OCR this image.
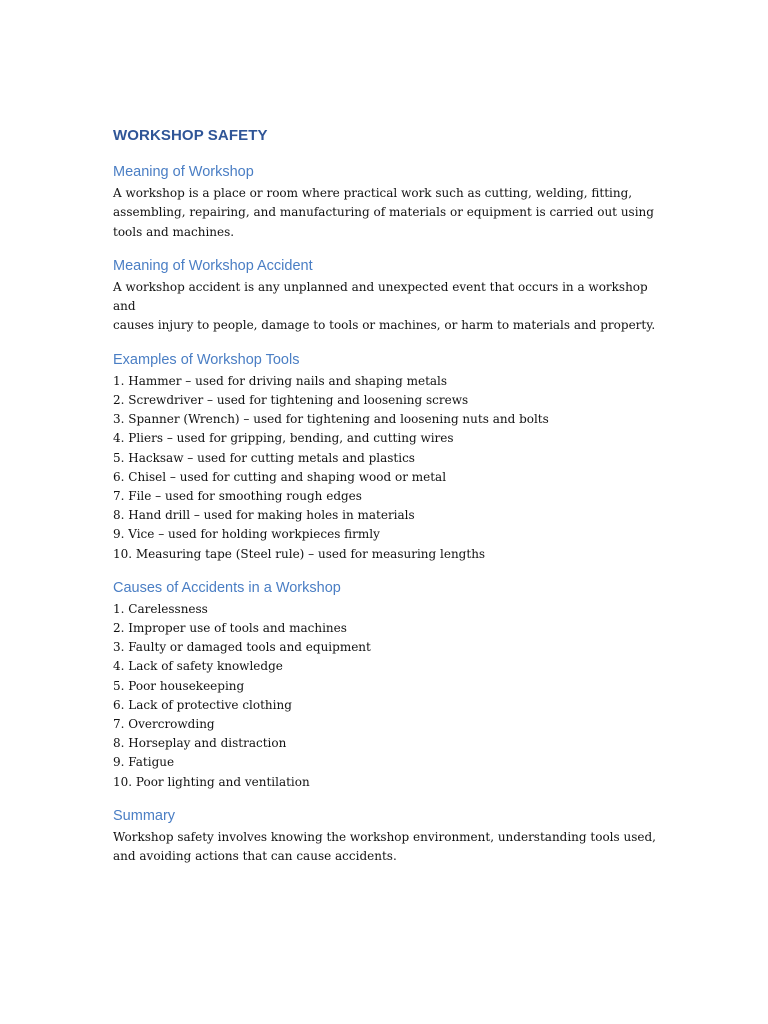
WORKSHOP SAFETY
Meaning of Workshop

A workshop is a place or room where practical work such as cutting, welding, fitting,
assembling, repairing, and manufacturing of materials or equipment is carried out using
tools and machines.

Meaning of Workshop Accident

A workshop accident is any unplanned and unexpected event that occurs in a workshop and
causes injury to people, damage to tools or machines, or harm to materials and property.

Examples of Workshop Tools
1. Hammer – used for driving nails and shaping metals
2. Screwdriver – used for tightening and loosening screws
3. Spanner (Wrench) – used for tightening and loosening nuts and bolts
4. Pliers – used for gripping, bending, and cutting wires
5. Hacksaw – used for cutting metals and plastics
6. Chisel – used for cutting and shaping wood or metal
7. File – used for smoothing rough edges
8. Hand drill – used for making holes in materials
9. Vice – used for holding workpieces firmly
10. Measuring tape (Steel rule) – used for measuring lengths
Causes of Accidents in a Workshop
1. Carelessness
2. Improper use of tools and machines
3. Faulty or damaged tools and equipment
4. Lack of safety knowledge
5. Poor housekeeping
6. Lack of protective clothing
7. Overcrowding
8. Horseplay and distraction
9. Fatigue
10. Poor lighting and ventilation
Summary

Workshop safety involves knowing the workshop environment, understanding tools used,
and avoiding actions that can cause accidents.
